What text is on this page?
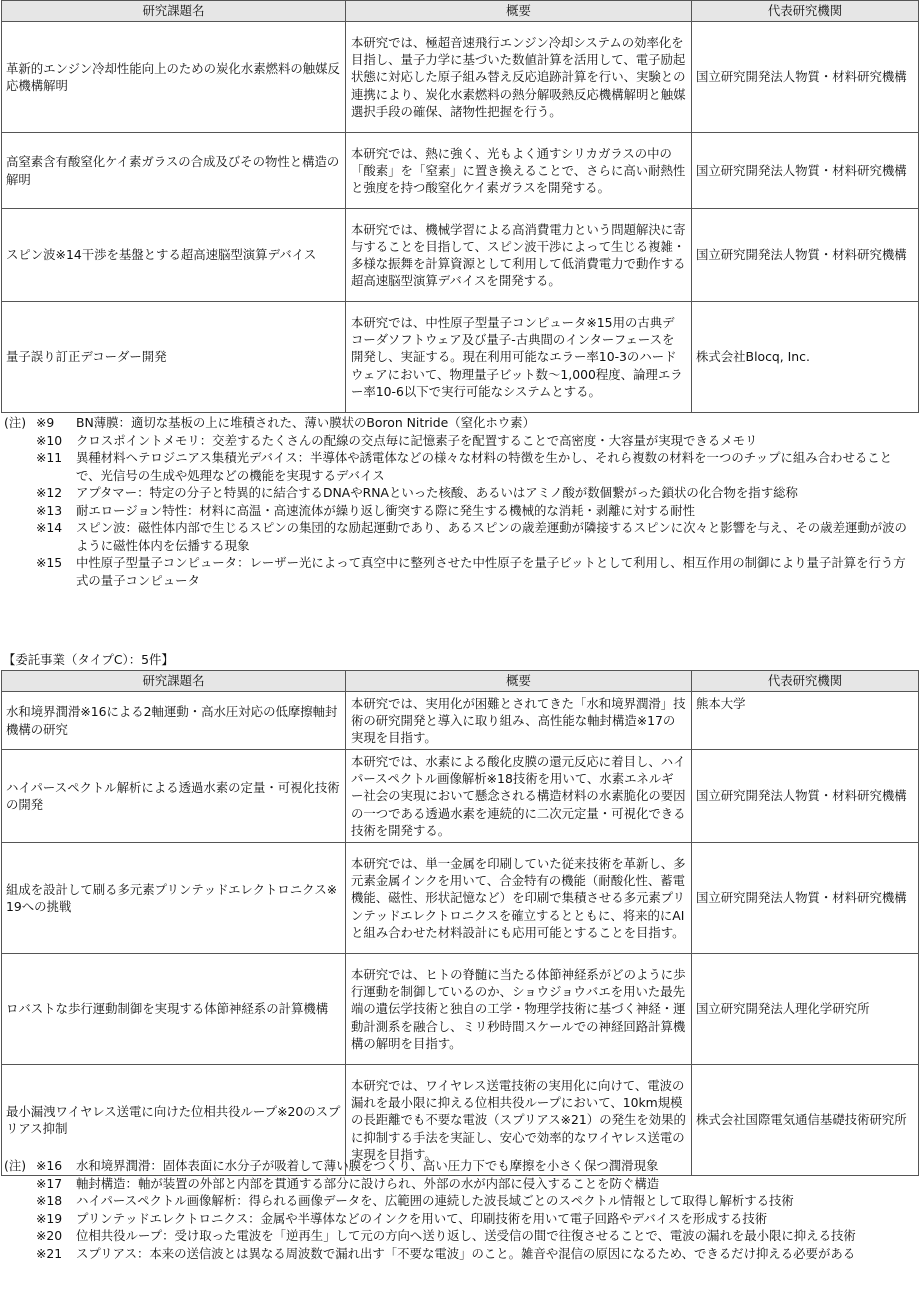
研究課題名	概要	代表研究機関
革新的エンジン冷却性能向上のための炭化水素燃料の触媒反応機構解明	本研究では、極超音速飛行エンジン冷却システムの効率化を目指し、量子力学に基づいた数値計算を活用して、電子励起状態に対応した原子組み替え反応追跡計算を行い、実験との連携により、炭化水素燃料の熱分解吸熱反応機構解明と触媒選択手段の確保、諸物性把握を行う。	国立研究開発法人物質・材料研究機構
高窒素含有酸窒化ケイ素ガラスの合成及びその物性と構造の解明	本研究では、熱に強く、光もよく通すシリカガラスの中の「酸素」を「窒素」に置き換えることで、さらに高い耐熱性と強度を持つ酸窒化ケイ素ガラスを開発する。	国立研究開発法人物質・材料研究機構
スピン波※14干渉を基盤とする超高速脳型演算デバイス	本研究では、機械学習による高消費電力という問題解決に寄与することを目指して、スピン波干渉によって生じる複雑・多様な振舞を計算資源として利用して低消費電力で動作する超高速脳型演算デバイスを開発する。	国立研究開発法人物質・材料研究機構
量子誤り訂正デコーダー開発	本研究では、中性原子型量子コンピュータ※15用の古典デコーダソフトウェア及び量子-古典間のインターフェースを開発し、実証する。現在利用可能なエラー率10-3のハードウェアにおいて、物理量子ビット数〜1,000程度、論理エラー率10-6以下で実行可能なシステムとする。	株式会社Blocq, Inc.
(注) ※9	BN薄膜：適切な基板の上に堆積された、薄い膜状のBoron Nitride（窒化ホウ素）
※10	クロスポイントメモリ：交差するたくさんの配線の交点毎に記憶素子を配置することで高密度・大容量が実現できるメモリ
※11	異種材料ヘテロジニアス集積光デバイス：半導体や誘電体などの様々な材料の特徴を生かし、それら複数の材料を一つのチップに組み合わせることで、光信号の生成や処理などの機能を実現するデバイス
※12	アプタマー：特定の分子と特異的に結合するDNAやRNAといった核酸、あるいはアミノ酸が数個繋がった鎖状の化合物を指す総称
※13	耐エロージョン特性：材料に高温・高速流体が繰り返し衝突する際に発生する機械的な消耗・剥離に対する耐性
※14	スピン波：磁性体内部で生じるスピンの集団的な励起運動であり、あるスピンの歳差運動が隣接するスピンに次々と影響を与え、その歳差運動が波のように磁性体内を伝播する現象
※15	中性原子型量子コンピュータ：レーザー光によって真空中に整列させた中性原子を量子ビットとして利用し、相互作用の制御により量子計算を行う方式の量子コンピュータ
【委託事業（タイプC）：5件】
研究課題名	概要	代表研究機関
水和境界潤滑※16による2軸運動・高水圧対応の低摩擦軸封機構の研究	本研究では、実用化が困難とされてきた「水和境界潤滑」技術の研究開発と導入に取り組み、高性能な軸封構造※17の実現を目指す。	熊本大学
ハイパースペクトル解析による透過水素の定量・可視化技術の開発	本研究では、水素による酸化皮膜の還元反応に着目し、ハイパースペクトル画像解析※18技術を用いて、水素エネルギー社会の実現において懸念される構造材料の水素脆化の要因の一つである透過水素を連続的に二次元定量・可視化できる技術を開発する。	国立研究開発法人物質・材料研究機構
組成を設計して刷る多元素プリンテッドエレクトロニクス※19への挑戦	本研究では、単一金属を印刷していた従来技術を革新し、多元素金属インクを用いて、合金特有の機能（耐酸化性、蓄電機能、磁性、形状記憶など）を印刷で集積させる多元素プリンテッドエレクトロニクスを確立するとともに、将来的にAIと組み合わせた材料設計にも応用可能とすることを目指す。	国立研究開発法人物質・材料研究機構
ロバストな歩行運動制御を実現する体節神経系の計算機構	本研究では、ヒトの脊髄に当たる体節神経系がどのように歩行運動を制御しているのか、ショウジョウバエを用いた最先端の遺伝学技術と独自の工学・物理学技術に基づく神経・運動計測系を融合し、ミリ秒時間スケールでの神経回路計算機構の解明を目指す。	国立研究開発法人理化学研究所
最小漏洩ワイヤレス送電に向けた位相共役ループ※20のスプリアス抑制	本研究では、ワイヤレス送電技術の実用化に向けて、電波の漏れを最小限に抑える位相共役ループにおいて、10km規模の長距離でも不要な電波（スプリアス※21）の発生を効果的に抑制する手法を実証し、安心で効率的なワイヤレス送電の実現を目指す。	株式会社国際電気通信基礎技術研究所
(注) ※16	水和境界潤滑：固体表面に水分子が吸着して薄い膜をつくり、高い圧力下でも摩擦を小さく保つ潤滑現象
※17	軸封構造：軸が装置の外部と内部を貫通する部分に設けられ、外部の水が内部に侵入することを防ぐ構造
※18	ハイパースペクトル画像解析：得られる画像データを、広範囲の連続した波長域ごとのスペクトル情報として取得し解析する技術
※19	プリンテッドエレクトロニクス：金属や半導体などのインクを用いて、印刷技術を用いて電子回路やデバイスを形成する技術
※20	位相共役ループ：受け取った電波を「逆再生」して元の方向へ送り返し、送受信の間で往復させることで、電波の漏れを最小限に抑える技術
※21	スプリアス：本来の送信波とは異なる周波数で漏れ出す「不要な電波」のこと。雑音や混信の原因になるため、できるだけ抑える必要がある
